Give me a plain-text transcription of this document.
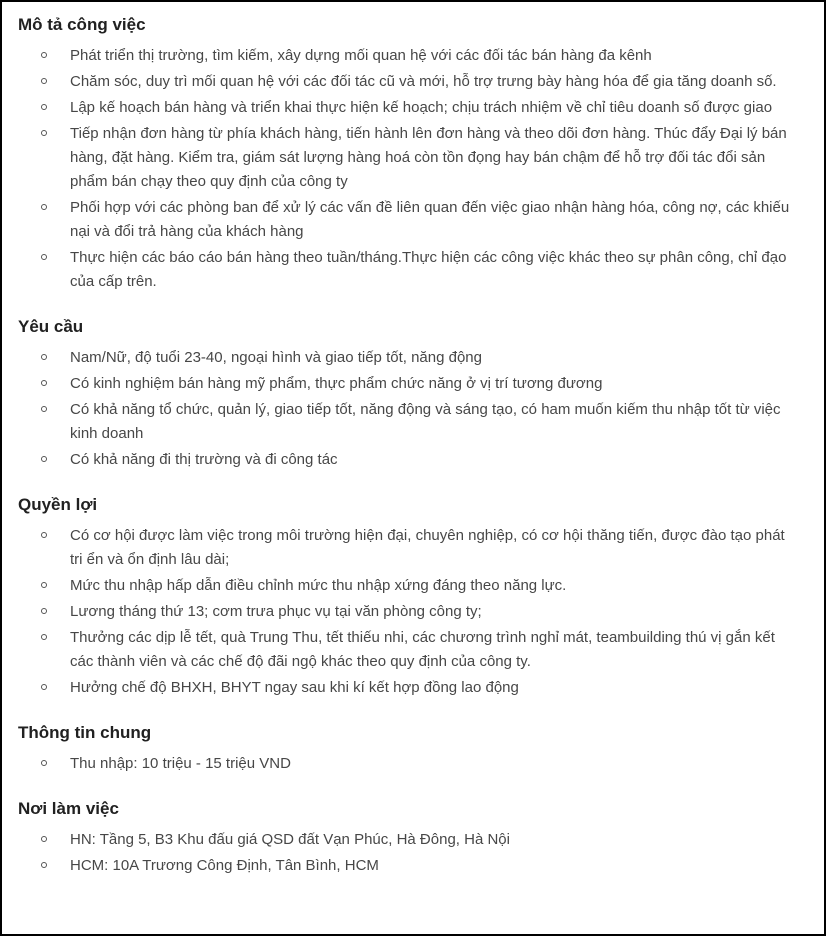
Mô tả công việc
Phát triển thị trường, tìm kiếm, xây dựng mối quan hệ với các đối tác bán hàng đa kênh
Chăm sóc, duy trì mối quan hệ với các đối tác cũ và mới, hỗ trợ trưng bày hàng hóa để gia tăng doanh số.
Lập kế hoạch bán hàng và triển khai thực hiện kế hoạch; chịu trách nhiệm về chỉ tiêu doanh số được giao
Tiếp nhận đơn hàng từ phía khách hàng, tiến hành lên đơn hàng và theo dõi đơn hàng. Thúc đẩy Đại lý bán hàng, đặt hàng. Kiểm tra, giám sát lượng hàng hoá còn tồn đọng hay bán chậm để hỗ trợ đối tác đổi sản phẩm bán chạy theo quy định của công ty
Phối hợp với các phòng ban để xử lý các vấn đề liên quan đến việc giao nhận hàng hóa, công nợ, các khiếu nại và đổi trả hàng của khách hàng
Thực hiện các báo cáo bán hàng theo tuần/tháng.Thực hiện các công việc khác theo sự phân công, chỉ đạo của cấp trên.
Yêu cầu
Nam/Nữ, độ tuổi 23-40, ngoại hình và giao tiếp tốt, năng động
Có kinh nghiệm bán hàng mỹ phẩm, thực phẩm chức năng ở vị trí tương đương
Có khả năng tổ chức, quản lý, giao tiếp tốt, năng động và sáng tạo, có ham muốn kiếm thu nhập tốt từ việc kinh doanh
Có khả năng đi thị trường và đi công tác
Quyền lợi
Có cơ hội được làm việc trong môi trường hiện đại, chuyên nghiệp, có cơ hội thăng tiến, được đào tạo phát tri ển và ổn định lâu dài;
Mức thu nhập hấp dẫn điều chỉnh mức thu nhập xứng đáng theo năng lực.
Lương tháng thứ 13; cơm trưa phục vụ tại văn phòng công ty;
Thưởng các dịp lễ tết, quà Trung Thu, tết thiếu nhi, các chương trình nghỉ mát, teambuilding thú vị gắn kết các thành viên và các chế độ đãi ngộ khác theo quy định của công ty.
Hưởng chế độ BHXH, BHYT ngay sau khi kí kết hợp đồng lao động
Thông tin chung
Thu nhập: 10 triệu - 15 triệu VND
Nơi làm việc
HN: Tầng 5, B3 Khu đấu giá QSD đất Vạn Phúc, Hà Đông, Hà Nội
HCM: 10A Trương Công Định, Tân Bình, HCM
